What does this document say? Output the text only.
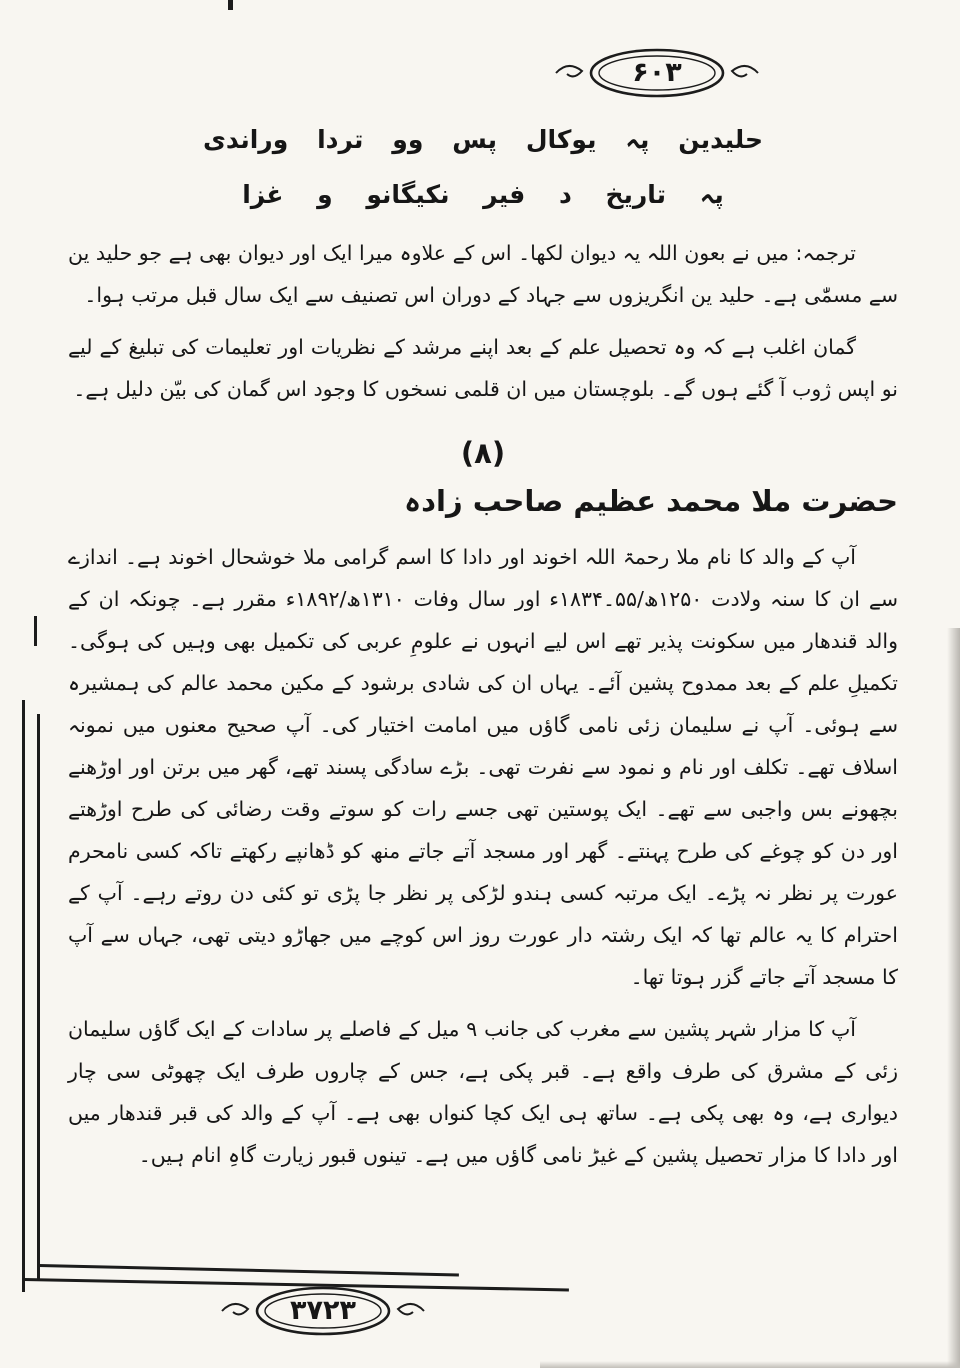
۶۰۳
۳۷۲۳
حلیدین پہ یوکال پس وو تردا وراندی
پہ تاریخ د فیر نکیگانو و غزا

ترجمہ: میں نے بعون اللہ یہ دیوان لکھا۔ اس کے علاوہ میرا ایک اور دیوان بھی ہے جو حلید ین سے مسمّٰی ہے۔ حلید ین انگریزوں سے جہاد کے دوران اس تصنیف سے ایک سال قبل مرتب ہوا۔

گمان اغلب ہے کہ وہ تحصیل علم کے بعد اپنے مرشد کے نظریات اور تعلیمات کی تبلیغ کے لیے نو اپس ژوب آ گئے ہوں گے۔ بلوچستان میں ان قلمی نسخوں کا وجود اس گمان کی بیّن دلیل ہے۔

(۸)
حضرت ملا محمد عظیم صاحب زادہ

آپ کے والد کا نام ملا رحمۃ اللہ اخوند اور دادا کا اسم گرامی ملا خوشحال اخوند ہے۔ اندازے سے ان کا سنہ ولادت ۱۲۵۰ھ/۵۵۔۱۸۳۴ء اور سال وفات ۱۳۱۰ھ/۱۸۹۲ء مقرر ہے۔ چونکہ ان کے والد قندھار میں سکونت پذیر تھے اس لیے انہوں نے علومِ عربی کی تکمیل بھی وہیں کی ہوگی۔ تکمیلِ علم کے بعد ممدوح پشین آئے۔ یہاں ان کی شادی برشود کے مکین محمد عالم کی ہمشیرہ سے ہوئی۔ آپ نے سلیمان زئی نامی گاؤں میں امامت اختیار کی۔ آپ صحیح معنوں میں نمونہ اسلاف تھے۔ تکلف اور نام و نمود سے نفرت تھی۔ بڑے سادگی پسند تھے، گھر میں برتن اور اوڑھنے بچھونے بس واجبی سے تھے۔ ایک پوستین تھی جسے رات کو سوتے وقت رضائی کی طرح اوڑھتے اور دن کو چوغے کی طرح پہنتے۔ گھر اور مسجد آتے جاتے منھ کو ڈھانپے رکھتے تاکہ کسی نامحرم عورت پر نظر نہ پڑے۔ ایک مرتبہ کسی ہندو لڑکی پر نظر جا پڑی تو کئی دن روتے رہے۔ آپ کے احترام کا یہ عالم تھا کہ ایک رشتہ دار عورت روز اس کوچے میں جھاڑو دیتی تھی، جہاں سے آپ کا مسجد آتے جاتے گزر ہوتا تھا۔

آپ کا مزار شہر پشین سے مغرب کی جانب ۹ میل کے فاصلے پر سادات کے ایک گاؤں سلیمان زئی کے مشرق کی طرف واقع ہے۔ قبر پکی ہے، جس کے چاروں طرف ایک چھوٹی سی چار دیواری ہے، وہ بھی پکی ہے۔ ساتھ ہی ایک کچا کنواں بھی ہے۔ آپ کے والد کی قبر قندھار میں اور دادا کا مزار تحصیل پشین کے غیڑ نامی گاؤں میں ہے۔ تینوں قبور زیارت گاہِ انام ہیں۔
